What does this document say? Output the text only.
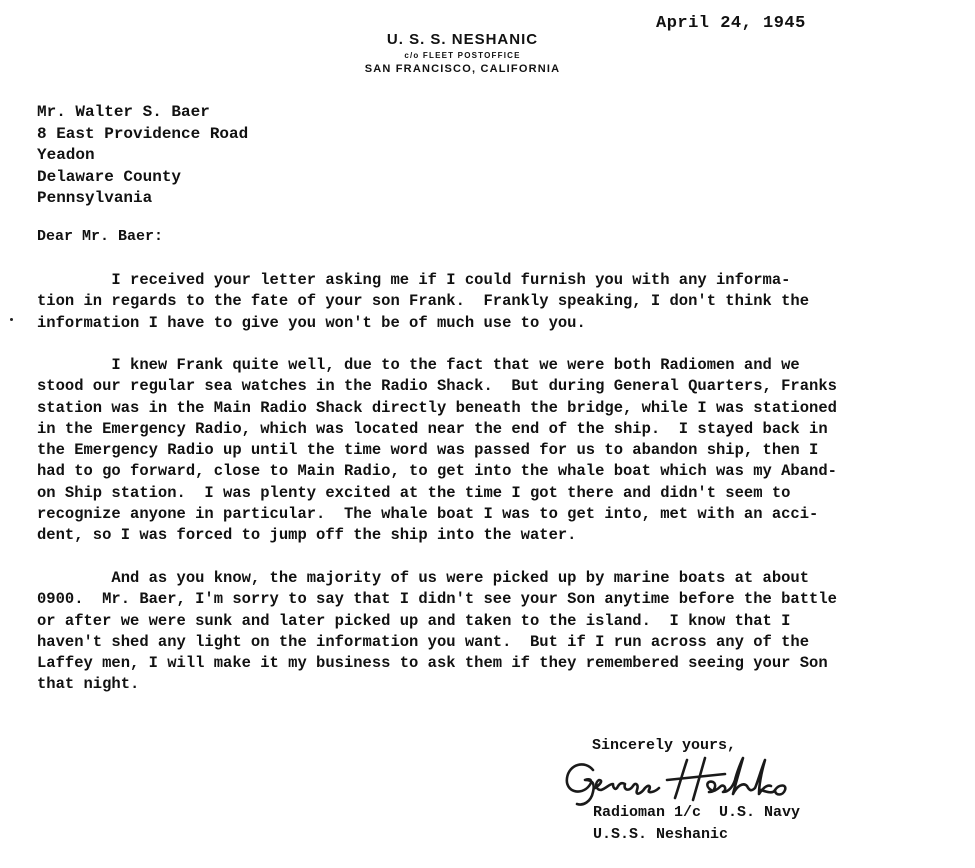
April 24, 1945
U. S. S. NESHANIC
c/o FLEET POSTOFFICE
SAN FRANCISCO, CALIFORNIA
Mr. Walter S. Baer
8 East Providence Road
Yeadon
Delaware County
Pennsylvania
Dear Mr. Baer:
I received your letter asking me if I could furnish you with any informa-
tion in regards to the fate of your son Frank.  Frankly speaking, I don't think the
information I have to give you won't be of much use to you.
I knew Frank quite well, due to the fact that we were both Radiomen and we
stood our regular sea watches in the Radio Shack.  But during General Quarters, Franks
station was in the Main Radio Shack directly beneath the bridge, while I was stationed
in the Emergency Radio, which was located near the end of the ship.  I stayed back in
the Emergency Radio up until the time word was passed for us to abandon ship, then I
had to go forward, close to Main Radio, to get into the whale boat which was my Aband-
on Ship station.  I was plenty excited at the time I got there and didn't seem to
recognize anyone in particular.  The whale boat I was to get into, met with an acci-
dent, so I was forced to jump off the ship into the water.
And as you know, the majority of us were picked up by marine boats at about
0900.  Mr. Baer, I'm sorry to say that I didn't see your Son anytime before the battle
or after we were sunk and later picked up and taken to the island.  I know that I
haven't shed any light on the information you want.  But if I run across any of the
Laffey men, I will make it my business to ask them if they remembered seeing your Son
that night.
Sincerely yours,
Radioman 1/c  U.S. Navy
U.S.S. Neshanic
